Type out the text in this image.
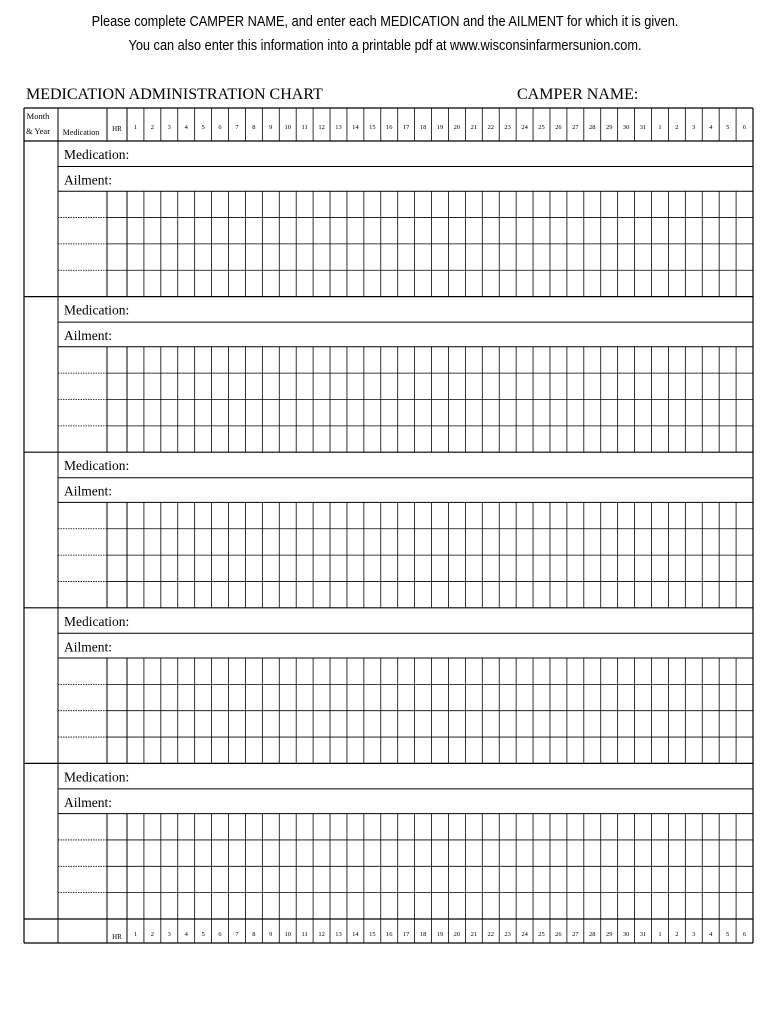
Please complete CAMPER NAME, and enter each MEDICATION and the AILMENT for which it is given.
You can also enter this information into a printable pdf at www.wisconsinfarmersunion.com.
MEDICATION ADMINISTRATION CHART	CAMPER NAME:
Month
& Year Medication HR 1 2 3 4 5 6 7 8 9 10 11 12 13 14 15 16 17 18 19 20 21 22 23 24 25 26 27 28 29 30 31 1 2 3 4 5 6
HR 1 2 3 4 5 6 7 8 9 10 11 12 13 14 15 16 17 18 19 20 21 22 23 24 25 26 27 28 29 30 31 1 2 3 4 5 6
